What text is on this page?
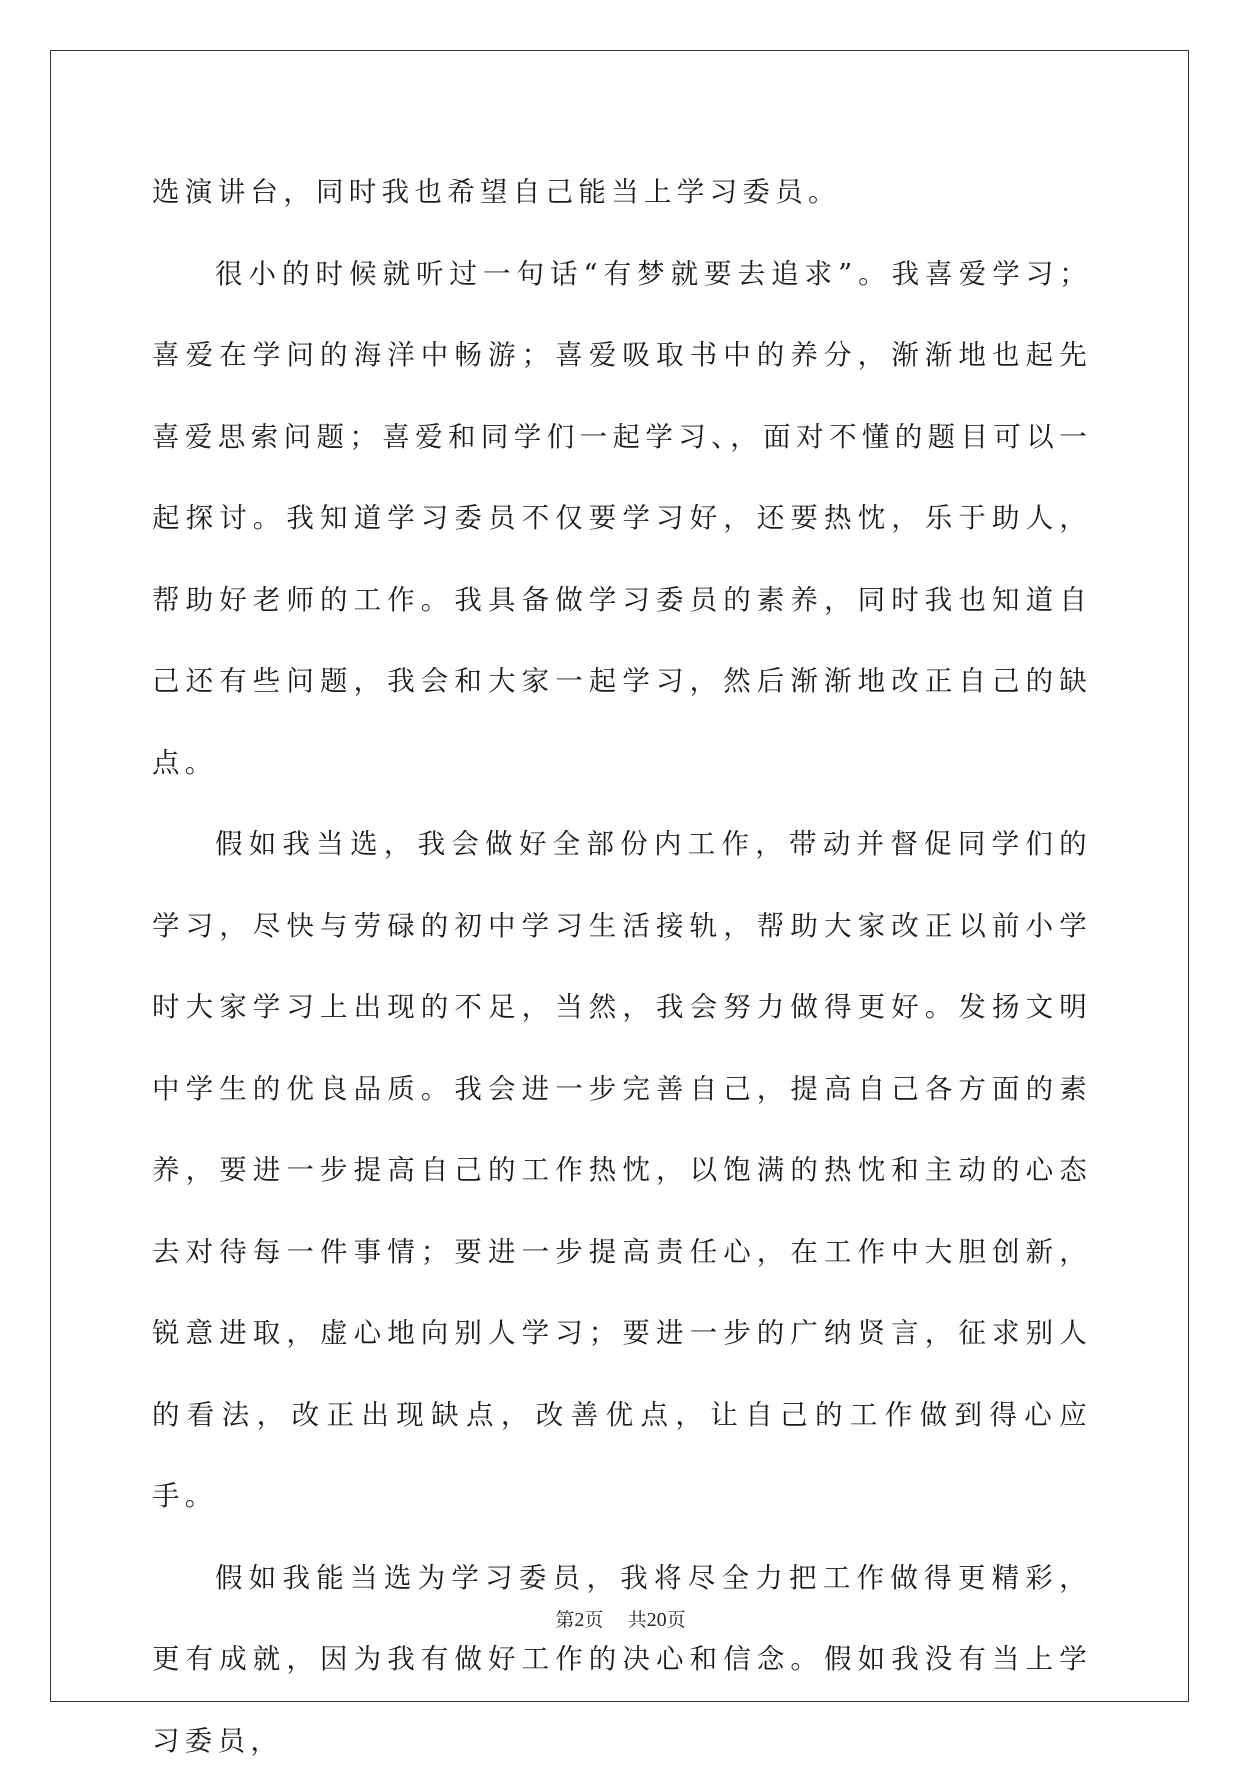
选演讲台，同时我也希望自己能当上学习委员。

很小的时候就听过一句话“有梦就要去追求”。我喜爱学习；喜爱在学问的海洋中畅游；喜爱吸取书中的养分，渐渐地也起先喜爱思索问题；喜爱和同学们一起学习、，面对不懂的题目可以一起探讨。我知道学习委员不仅要学习好，还要热忱，乐于助人，帮助好老师的工作。我具备做学习委员的素养，同时我也知道自己还有些问题，我会和大家一起学习，然后渐渐地改正自己的缺点。

假如我当选，我会做好全部份内工作，带动并督促同学们的学习，尽快与劳碌的初中学习生活接轨，帮助大家改正以前小学时大家学习上出现的不足，当然，我会努力做得更好。发扬文明中学生的优良品质。我会进一步完善自己，提高自己各方面的素养，要进一步提高自己的工作热忱，以饱满的热忱和主动的心态去对待每一件事情；要进一步提高责任心，在工作中大胆创新，锐意进取，虚心地向别人学习；要进一步的广纳贤言，征求别人的看法，改正出现缺点，改善优点，让自己的工作做到得心应手。

假如我能当选为学习委员，我将尽全力把工作做得更精彩，更有成就，因为我有做好工作的决心和信念。假如我没有当上学习委员，

第2页 共20页
